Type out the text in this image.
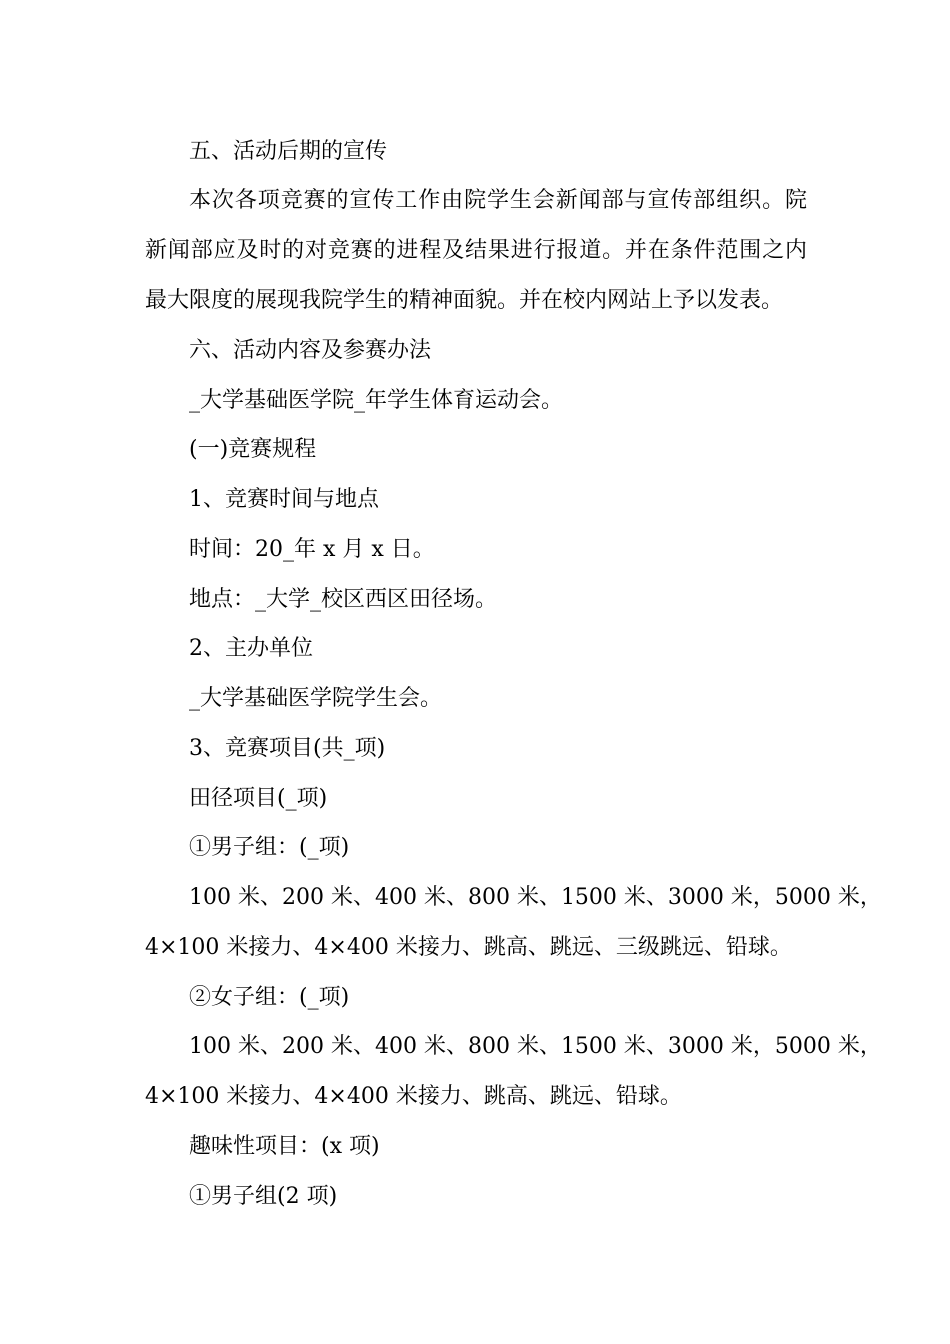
五、活动后期的宣传
本次各项竞赛的宣传工作由院学生会新闻部与宣传部组织。院
新闻部应及时的对竞赛的进程及结果进行报道。并在条件范围之内
最大限度的展现我院学生的精神面貌。并在校内网站上予以发表。
六、活动内容及参赛办法
_大学基础医学院_年学生体育运动会。
(一)竞赛规程
1、竞赛时间与地点
时间：20_年 x 月 x 日。
地点：_大学_校区西区田径场。
2、主办单位
_大学基础医学院学生会。
3、竞赛项目(共_项)
田径项目(_项)
①男子组：(_项)
100 米、200 米、400 米、800 米、1500 米、3000 米，5000 米，
4×100 米接力、4×400 米接力、跳高、跳远、三级跳远、铅球。
②女子组：(_项)
100 米、200 米、400 米、800 米、1500 米、3000 米，5000 米，
4×100 米接力、4×400 米接力、跳高、跳远、铅球。
趣味性项目：(x 项)
①男子组(2 项)
